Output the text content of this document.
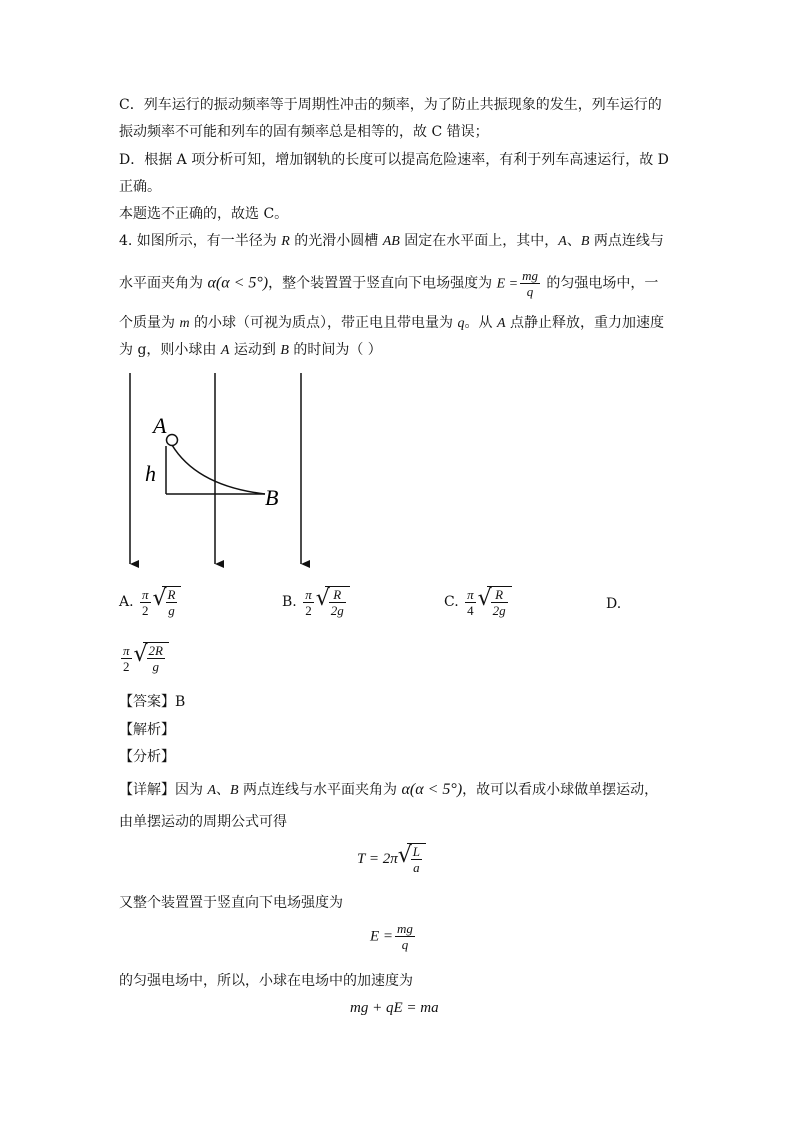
C．列车运行的振动频率等于周期性冲击的频率，为了防止共振现象的发生，列车运行的
振动频率不可能和列车的固有频率总是相等的，故 C 错误；
D．根据 A 项分析可知，增加钢轨的长度可以提高危险速率，有利于列车高速运行，故 D
正确。
本题选不正确的，故选 C。
4. 如图所示，有一半径为 R 的光滑小圆槽 AB 固定在水平面上，其中，A、B 两点连线与
水平面夹角为 α(α < 5°)，整个装置置于竖直向下电场强度为 $E = \frac{mg}{q}$ 的匀强电场中，一
个质量为 m 的小球（可视为质点），带正电且带电量为 q。从 A 点静止释放，重力加速度
为 g，则小球由 A 运动到 B 的时间为（ ）
A
h
B
A. $\frac{\pi}{2}$ √
$\frac{R}{g}$	B. $\frac{\pi}{2}$ √
$\frac{R}{2g}$	C. $\frac{\pi}{4}$ √
$\frac{R}{2g}$	D.
$\frac{\pi}{2}$ √
$\frac{2R}{g}$
【答案】B
【解析】
【分析】
【详解】因为 A、B 两点连线与水平面夹角为 α(α < 5°)，故可以看成小球做单摆运动，
由单摆运动的周期公式可得
T = 2π √
$\frac{L}{a}$
又整个装置置于竖直向下电场强度为
$E = \frac{mg}{q}$
的匀强电场中，所以，小球在电场中的加速度为
mg + qE = ma
